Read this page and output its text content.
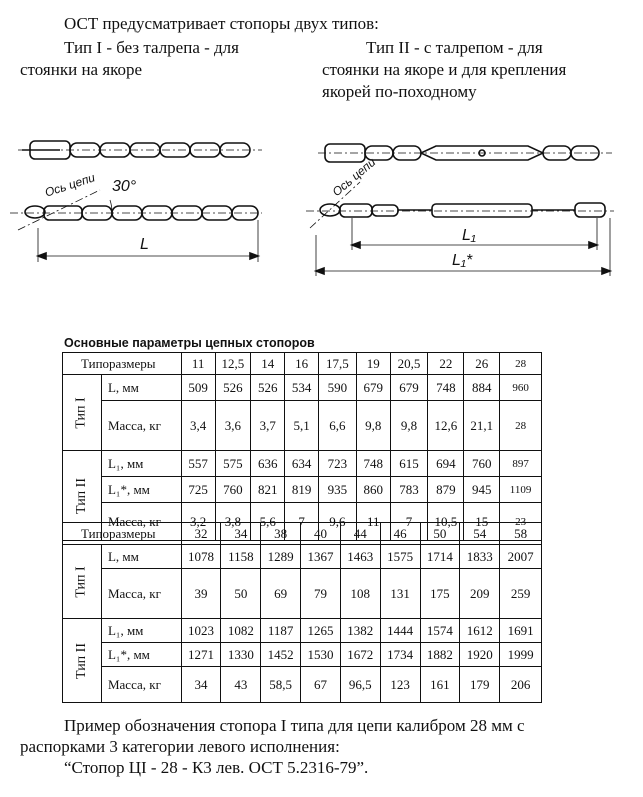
ОСТ предусматривает стопоры двух типов:
Тип I - без талрепа - для
стоянки на якоре
Тип II - с талрепом - для
стоянки на якоре и для крепления
якорей по-походному
Ось цепи 30°
L
Ось цепи
L₁
L₁*
Основные параметры цепных стопоров
Типоразмеры		11	12,5	14	16	17,5	19	20,5	22	26	28
Тип I	L, мм	509	526	526	534	590	679	679	748	884	960
	Масса, кг	3,4	3,6	3,7	5,1	6,6	9,8	9,8	12,6	21,1	28
Тип II	L₁, мм	557	575	636	634	723	748	615	694	760	897
	L₁*, мм	725	760	821	819	935	860	783	879	945	1109
	Масса, кг	3,2	3,8	5,6	7	9,6	11	7	10,5	15	23
Типоразмеры		32	34	38	40	44	46	50	54	58
Тип I	L, мм	1078	1158	1289	1367	1463	1575	1714	1833	2007
	Масса, кг	39	50	69	79	108	131	175	209	259
Тип II	L₁, мм	1023	1082	1187	1265	1382	1444	1574	1612	1691
	L₁*, мм	1271	1330	1452	1530	1672	1734	1882	1920	1999
	Масса, кг	34	43	58,5	67	96,5	123	161	179	206
Пример обозначения стопора I типа для цепи калибром 28 мм с
распорками 3 категории левого исполнения:
“Стопор ЦI - 28 - К3 лев. ОСТ 5.2316-79”.
